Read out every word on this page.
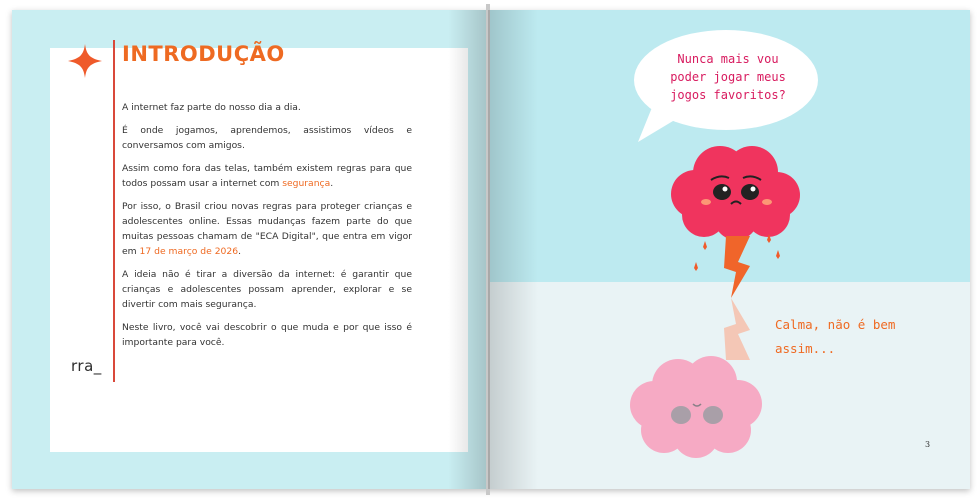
INTRODUÇÃO

A internet faz parte do nosso dia a dia.

É onde jogamos, aprendemos, assistimos vídeos e conversamos com amigos.

Assim como fora das telas, também existem regras para que todos possam usar a internet com segurança.

Por isso, o Brasil criou novas regras para proteger crianças e adolescentes online. Essas mudanças fazem parte do que muitas pessoas chamam de "ECA Digital", que entra em vigor em 17 de março de 2026.

A ideia não é tirar a diversão da internet: é garantir que crianças e adolescentes possam aprender, explorar e se divertir com mais segurança.

Neste livro, você vai descobrir o que muda e por que isso é importante para você.

rra_
Nunca mais vou poder jogar meus jogos favoritos?
Calma, não é bem assim...
3
